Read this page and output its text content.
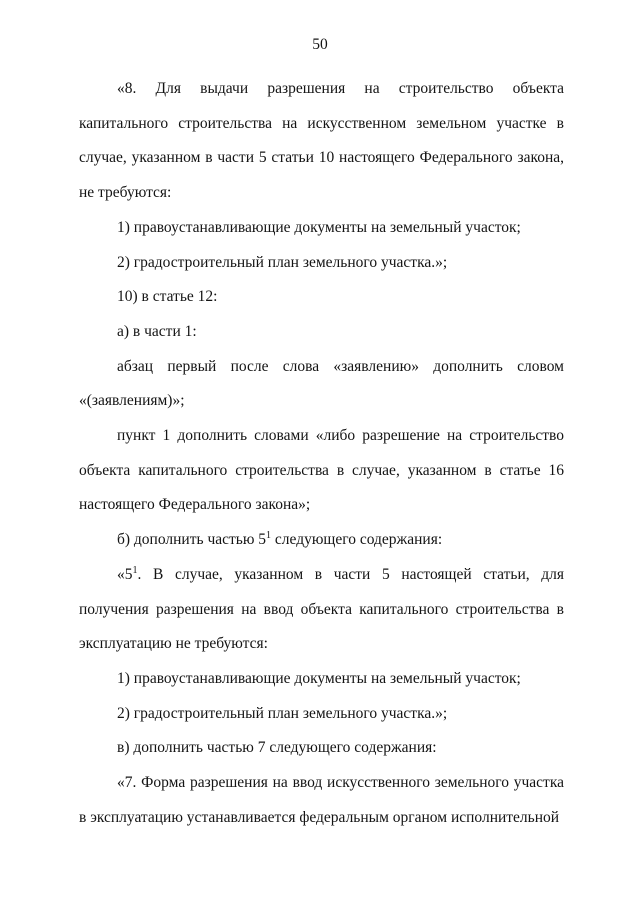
50

«8. Для выдачи разрешения на строительство объекта капитального строительства на искусственном земельном участке в случае, указанном в части 5 статьи 10 настоящего Федерального закона, не требуются:

1) правоустанавливающие документы на земельный участок;

2) градостроительный план земельного участка.»;

10) в статье 12:

а) в части 1:

абзац первый после слова «заявлению» дополнить словом «(заявлениям)»;

пункт 1 дополнить словами «либо разрешение на строительство объекта капитального строительства в случае, указанном в статье 16 настоящего Федерального закона»;

б) дополнить частью $5^1$ следующего содержания:

«$5^1$. В случае, указанном в части 5 настоящей статьи, для получения разрешения на ввод объекта капитального строительства в эксплуатацию не требуются:

1) правоустанавливающие документы на земельный участок;

2) градостроительный план земельного участка.»;

в) дополнить частью 7 следующего содержания:

«7. Форма разрешения на ввод искусственного земельного участка в эксплуатацию устанавливается федеральным органом исполнительной
